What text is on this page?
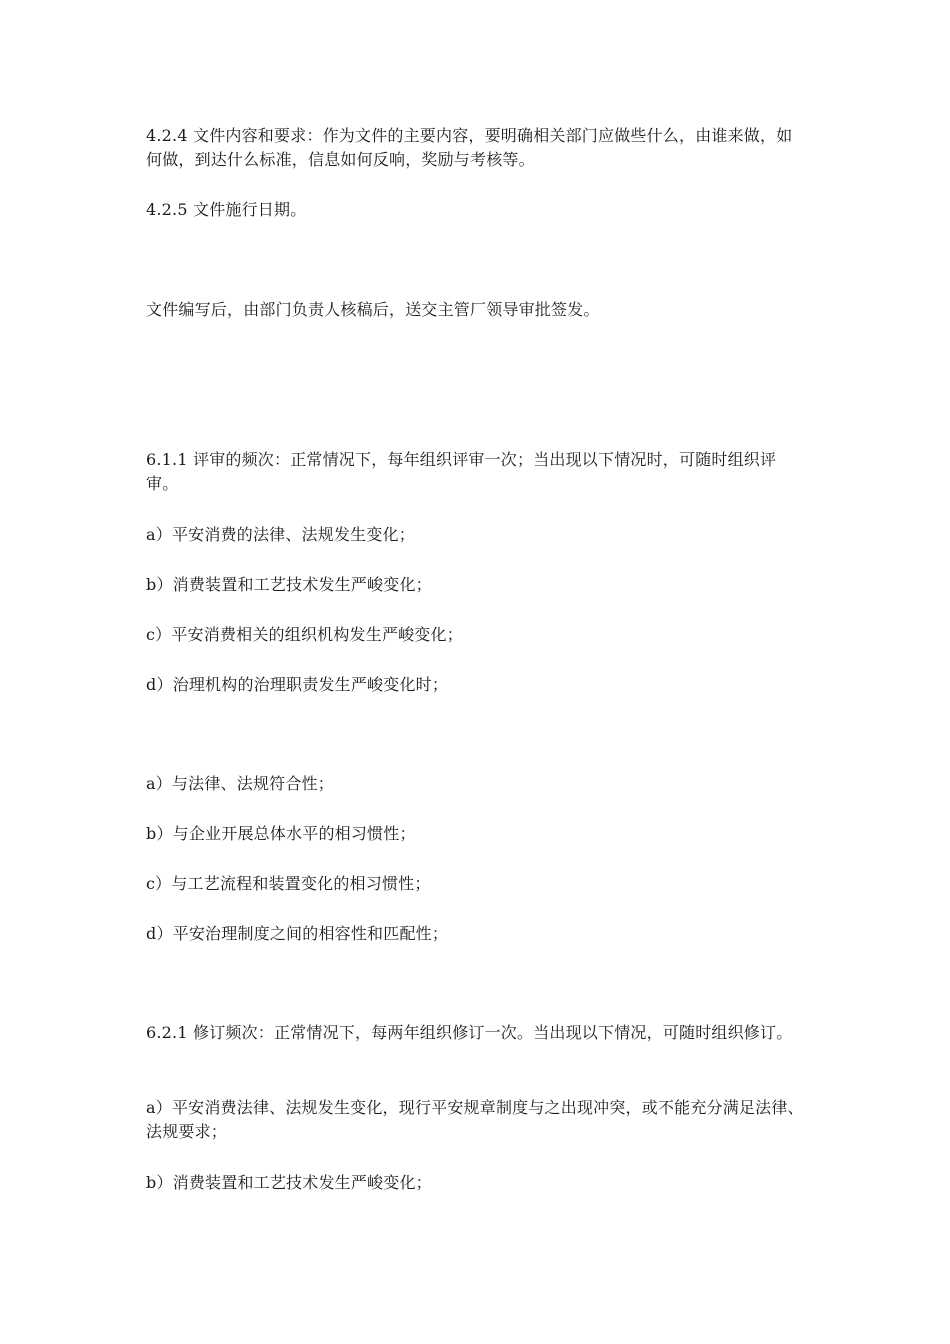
4.2.4 文件内容和要求：作为文件的主要内容，要明确相关部门应做些什么，由谁来做，如何做，到达什么标准，信息如何反响，奖励与考核等。

4.2.5 文件施行日期。

文件编写后，由部门负责人核稿后，送交主管厂领导审批签发。

6.1.1 评审的频次：正常情况下，每年组织评审一次；当出现以下情况时，可随时组织评审。

a）平安消费的法律、法规发生变化；

b）消费装置和工艺技术发生严峻变化；

c）平安消费相关的组织机构发生严峻变化；

d）治理机构的治理职责发生严峻变化时；

a）与法律、法规符合性；

b）与企业开展总体水平的相习惯性；

c）与工艺流程和装置变化的相习惯性；

d）平安治理制度之间的相容性和匹配性；

6.2.1 修订频次：正常情况下，每两年组织修订一次。当出现以下情况，可随时组织修订。

a）平安消费法律、法规发生变化，现行平安规章制度与之出现冲突，或不能充分满足法律、法规要求；

b）消费装置和工艺技术发生严峻变化；
